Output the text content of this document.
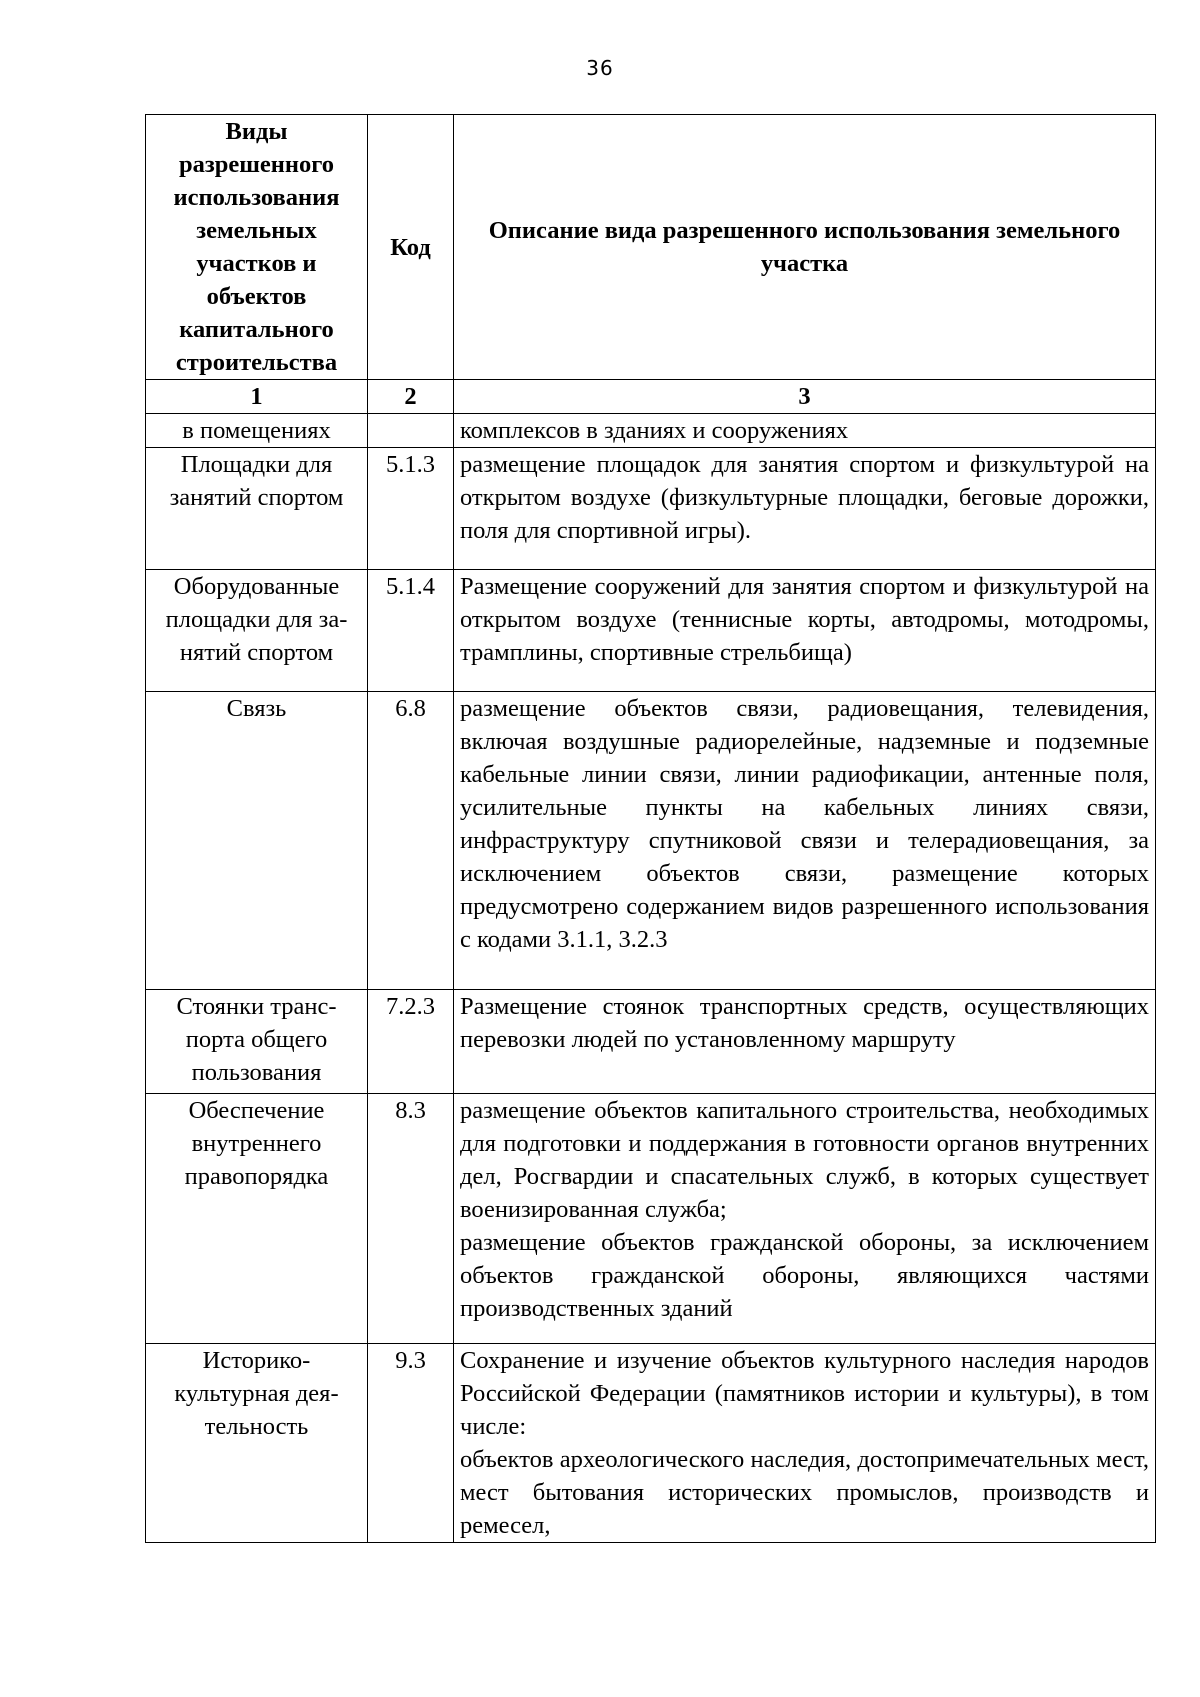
36
Виды разрешенного использования земельных участков и объектов капитального строительства	Код	Описание вида разрешенного использования земельного участка
1	2	3
в помещениях		комплексов в зданиях и сооружениях

Площадки для занятий спортом	5.1.3	размещение площадок для занятия спортом и физкультурой на открытом воздухе (физкультурные площадки, беговые дорожки, поля для спортивной игры).

Оборудованные площадки для за-нятий спортом	5.1.4	Размещение сооружений для занятия спортом и физкультурой на открытом воздухе (теннисные корты, автодромы, мотодромы, трамплины, спортивные стрельбища)

Связь	6.8	размещение объектов связи, радиовещания, телевидения, включая воздушные радиорелейные, надземные и подземные кабельные линии связи, линии радиофикации, антенные поля, усилительные пункты на кабельных линиях связи, инфраструктуру спутниковой связи и телерадиовещания, за исключением объектов связи, размещение которых предусмотрено содержанием видов разрешенного использования с кодами 3.1.1, 3.2.3

Стоянки транс-порта общего пользования	7.2.3	Размещение стоянок транспортных средств, осуществляющих перевозки людей по установленному маршруту

Обеспечение внутреннего правопорядка	8.3	размещение объектов капитального строительства, необходимых для подготовки и поддержания в готовности органов внутренних дел, Росгвардии и спасательных служб, в которых существует военизированная служба;

размещение объектов гражданской обороны, за исключением объектов гражданской обороны, являющихся частями производственных зданий

Историко-культурная дея-тельность	9.3	Сохранение и изучение объектов культурного наследия народов Российской Федерации (памятников истории и культуры), в том числе:

объектов археологического наследия, достопримечательных мест, мест бытования исторических промыслов, производств и ремесел,
